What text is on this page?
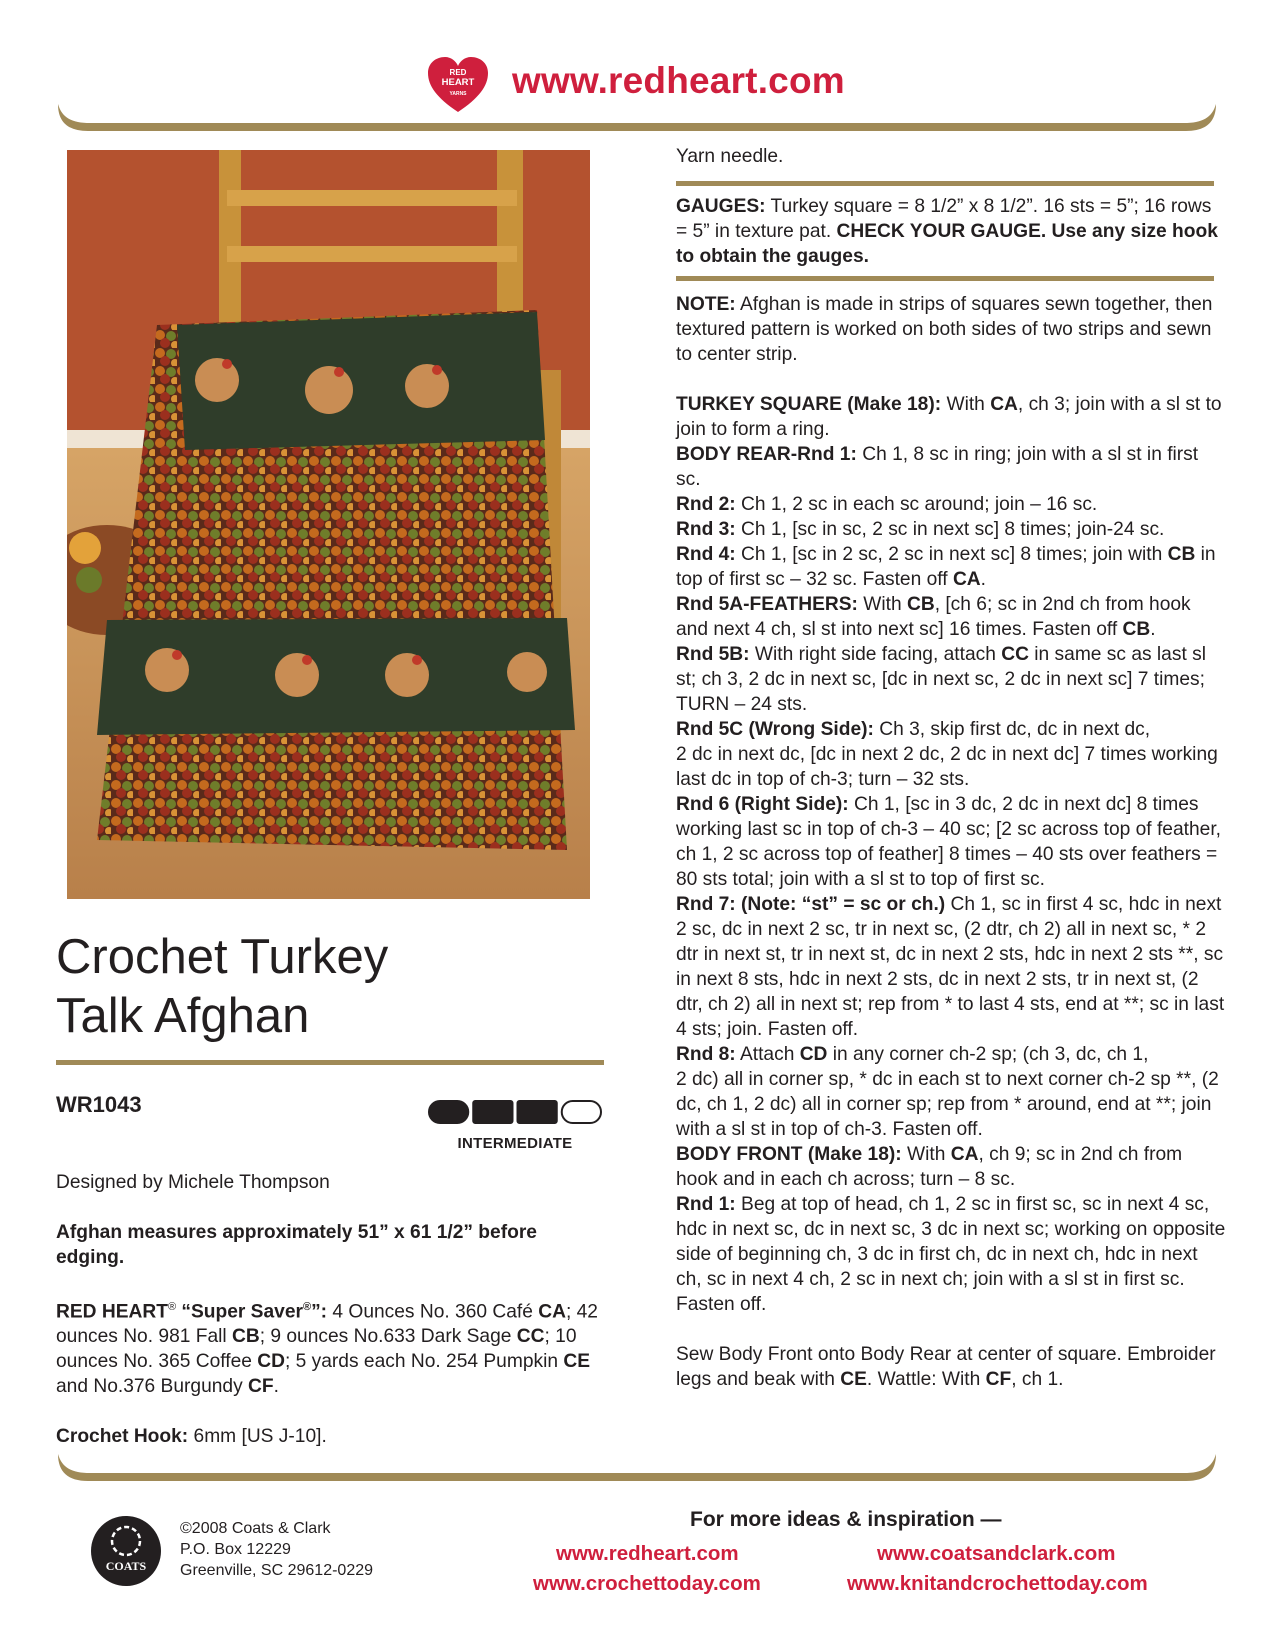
RED
HEART
YARNS www.redheart.com
Crochet Turkey
Talk Afghan
WR1043
INTERMEDIATE

Designed by Michele Thompson

Afghan measures approximately 51” x 61 1/2” before edging.

RED HEART® “Super Saver®”: 4 Ounces No. 360 Café CA; 42 ounces No. 981 Fall CB; 9 ounces No.633 Dark Sage CC; 10 ounces No. 365 Coffee CD; 5 yards each No. 254 Pumpkin CE and No.376 Burgundy CF.

Crochet Hook: 6mm [US J-10].

Yarn needle.

GAUGES: Turkey square = 8 1/2” x 8 1/2”. 16 sts = 5”; 16 rows = 5” in texture pat. CHECK YOUR GAUGE. Use any size hook to obtain the gauges.

NOTE: Afghan is made in strips of squares sewn together, then textured pattern is worked on both sides of two strips and sewn to center strip.

TURKEY SQUARE (Make 18): With CA, ch 3; join with a sl st to join to form a ring.

BODY REAR-Rnd 1: Ch 1, 8 sc in ring; join with a sl st in first sc.

Rnd 2: Ch 1, 2 sc in each sc around; join – 16 sc.

Rnd 3: Ch 1, [sc in sc, 2 sc in next sc] 8 times; join-24 sc.

Rnd 4: Ch 1, [sc in 2 sc, 2 sc in next sc] 8 times; join with CB in top of first sc – 32 sc. Fasten off CA.

Rnd 5A-FEATHERS: With CB, [ch 6; sc in 2nd ch from hook and next 4 ch, sl st into next sc] 16 times. Fasten off CB.

Rnd 5B: With right side facing, attach CC in same sc as last sl st; ch 3, 2 dc in next sc, [dc in next sc, 2 dc in next sc] 7 times; TURN – 24 sts.

Rnd 5C (Wrong Side): Ch 3, skip first dc, dc in next dc,
2 dc in next dc, [dc in next 2 dc, 2 dc in next dc] 7 times working last dc in top of ch-3; turn – 32 sts.

Rnd 6 (Right Side): Ch 1, [sc in 3 dc, 2 dc in next dc] 8 times working last sc in top of ch-3 – 40 sc; [2 sc across top of feather, ch 1, 2 sc across top of feather] 8 times – 40 sts over feathers = 80 sts total; join with a sl st to top of first sc.

Rnd 7: (Note: “st” = sc or ch.) Ch 1, sc in first 4 sc, hdc in next 2 sc, dc in next 2 sc, tr in next sc, (2 dtr, ch 2) all in next sc, * 2 dtr in next st, tr in next st, dc in next 2 sts, hdc in next 2 sts **, sc in next 8 sts, hdc in next 2 sts, dc in next 2 sts, tr in next st, (2 dtr, ch 2) all in next st; rep from * to last 4 sts, end at **; sc in last 4 sts; join. Fasten off.

Rnd 8: Attach CD in any corner ch-2 sp; (ch 3, dc, ch 1,
2 dc) all in corner sp, * dc in each st to next corner ch-2 sp **, (2 dc, ch 1, 2 dc) all in corner sp; rep from * around, end at **; join with a sl st in top of ch-3. Fasten off.

BODY FRONT (Make 18): With CA, ch 9; sc in 2nd ch from hook and in each ch across; turn – 8 sc.

Rnd 1: Beg at top of head, ch 1, 2 sc in first sc, sc in next 4 sc, hdc in next sc, dc in next sc, 3 dc in next sc; working on opposite side of beginning ch, 3 dc in first ch, dc in next ch, hdc in next ch, sc in next 4 ch, 2 sc in next ch; join with a sl st in first sc. Fasten off.

Sew Body Front onto Body Rear at center of square. Embroider legs and beak with CE. Wattle: With CF, ch 1.

COATS
©2008 Coats & Clark
P.O. Box 12229
Greenville, SC 29612-0229
For more ideas & inspiration —
www.redheart.com	www.coatsandclark.com
www.crochettoday.com	www.knitandcrochettoday.com
